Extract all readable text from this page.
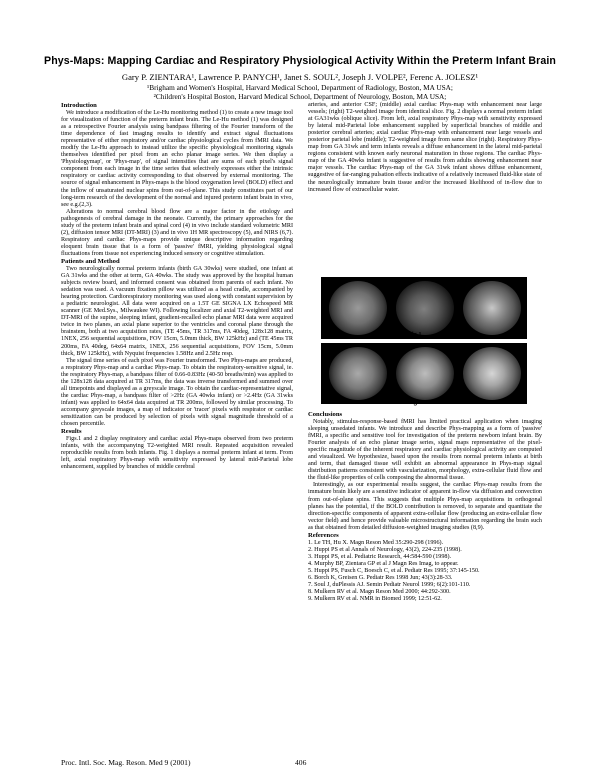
Phys-Maps: Mapping Cardiac and Respiratory Physiological Activity Within the Preterm Infant Brain
Gary P. ZIENTARA¹, Lawrence P. PANYCH¹, Janet S. SOUL², Joseph J. VOLPE², Ferenc A. JOLESZ¹
¹Brigham and Women's Hospital, Harvard Medical School, Department of Radiology, Boston, MA USA;
²Children's Hospital Boston, Harvard Medical School, Department of Neurology, Boston, MA USA;
Introduction

We introduce a modification of the Le-Hu monitoring method (1) to create a new image tool for visualization of function of the preterm infant brain. The Le-Hu method (1) was designed as a retrospective Fourier analysis using bandpass filtering of the Fourier transform of the time dependence of fast imaging results to identify and extract signal fluctuations representative of either respiratory and/or cardiac physiological cycles from fMRI data. We modify the Le-Hu approach to instead utilize the specific physiological monitoring signals themselves identified per pixel from an echo planar image series. We then display a 'Physiologymap', or 'Phys-map', of signal intensities that are sums of each pixel's signal component from each image in the time series that selectively expresses either the intrinsic respiratory or cardiac activity corresponding to that observed by external monitoring. The source of signal enhancement in Phys-maps is the blood oxygenation level (BOLD) effect and the inflow of unsaturated nuclear spins from out-of-plane. This study constitutes part of our long-term research of the development of the normal and injured preterm infant brain in vivo, see e.g.(2,3).

Alterations to normal cerebral blood flow are a major factor in the etiology and pathogenesis of cerebral damage in the neonate. Currently, the primary approaches for the study of the preterm infant brain and spinal cord (4) in vivo include standard volumetric MRI (2), diffusion tensor MRI (DT-MRI) (3) and in vivo 1H MR spectroscopy (5), and NIRS (6,7). Respiratory and cardiac Phys-maps provide unique descriptive information regarding eloquent brain tissue that is a form of 'passive' fMRI, yielding physiological signal fluctuations from tissue not experiencing induced sensory or cognitive stimulation.

Patients and Method

Two neurologically normal preterm infants (birth GA 30wks) were studied, one infant at GA 31wks and the other at term, GA 40wks. The study was approved by the hospital human subjects review board, and informed consent was obtained from parents of each infant. No sedation was used. A vacuum fixation pillow was utilized as a head cradle, accompanied by hearing protection. Cardiorespiratory monitoring was used along with constant supervision by a pediatric neurologist. All data were acquired on a 1.5T GE SIGNA LX Echospeed MR scanner (GE Med.Sys., Milwaukee WI). Following localizer and axial T2-weighted MRI and DT-MRI of the supine, sleeping infant, gradient-recalled echo planar MRI data were acquired twice in two planes, an axial plane superior to the ventricles and coronal plane through the brainstem, both at two acquisition rates, (TE 45ms, TR 317ms, FA 40deg, 128x128 matrix, 1NEX, 256 sequential acquisitions, FOV 15cm, 5.0mm thick, BW 125kHz) and (TE 45ms TR 200ms, FA 40deg, 64x64 matrix, 1NEX, 256 sequential acquisitions, FOV 15cm, 5.0mm thick, BW 125kHz), with Nyquist frequencies 1.58Hz and 2.5Hz resp.

The signal time series of each pixel was Fourier transformed. Two Phys-maps are produced, a respiratory Phys-map and a cardiac Phys-map. To obtain the respiratory-sensitive signal, ie. the respiratory Phys-map, a bandpass filter of 0.66-0.83Hz (40-50 breaths/min) was applied to the 128x128 data acquired at TR 317ms, the data was inverse transformed and summed over all timepoints and displayed as a greyscale image. To obtain the cardiac-representative signal, the cardiac Phys-map, a bandpass filter of >2Hz (GA 40wks infant) or >2.4Hz (GA 31wks infant) was applied to 64x64 data acquired at TR 200ms, followed by similar processing. To accompany greyscale images, a map of indicator or 'tracer' pixels with respirator or cardiac sensitization can be produced by selection of pixels with signal magnitude threshold of a chosen percentile.

Results

Figs.1 and 2 display respiratory and cardiac axial Phys-maps observed from two preterm infants, with the accompanying T2-weighted MRI result. Repeated acquisition revealed reproducible results from both infants. Fig. 1 displays a normal preterm infant at term. From left, axial respiratory Phys-map with sensitivity expressed by lateral mid-Parietal lobe enhancement, supplied by branches of middle cerebral

arteries, and anterior CSF; (middle) axial cardiac Phys-map with enhancement near large vessels; (right) T2-weighted image from identical slice. Fig. 2 displays a normal preterm infant at GA31wks (oblique slice). From left, axial respiratory Phys-map with sensitivity expressed by lateral mid-Parietal lobe enhancement supplied by superficial branches of middle and posterior cerebral arteries; axial cardiac Phys-map with enhancement near large vessels and posterior parietal lobe (middle); T2-weighted image from same slice (right). Respiratory Phys-map from GA 31wk and term infants reveals a diffuse enhancement in the lateral mid-parietal regions consistent with known early neuronal maturation in those regions. The cardiac Phys-map of the GA 40wks infant is suggestive of results from adults showing enhancement near major vessels. The cardiac Phys-map of the GA 31wk infant shows diffuse enhancement, suggestive of far-ranging pulsation effects indicative of a relatively increased fluid-like state of the neurologically immature brain tissue and/or the increased likelihood of in-flow due to increased flow of extracellular water.

Fig.1
Fig.2
Conclusions

Notably, stimulus-response-based fMRI has limited practical application when imaging sleeping unsedated infants. We introduce and describe Phys-mapping as a form of 'passive' fMRI, a specific and sensitive tool for investigation of the preterm newborn infant brain. By Fourier analysis of an echo planar image series, signal maps representative of the pixel-specific magnitude of the inherent respiratory and cardiac physiological activity are computed and visualized. We hypothesize, based upon the results from normal preterm infants at birth and term, that damaged tissue will exhibit an abnormal appearance in Phys-map signal distribution patterns consistent with vascularization, morphology, extra-cellular fluid flow and the fluid-like properties of cells composing the abnormal tissue.

Interestingly, as our experimental results suggest, the cardiac Phys-map results from the immature brain likely are a sensitive indicator of apparent in-flow via diffusion and convection from out-of-plane spins. This suggests that multiple Phys-map acquisitions in orthogonal planes has the potential, if the BOLD contribution is removed, to separate and quantitate the direction-specific components of apparent extra-cellular flow (producing an extra-cellular flow vector field) and hence provide valuable microstructural information regarding the brain such as that obtained from detailed diffusion-weighted imaging studies (8,9).

References

1. Le TH, Hu X. Magn Reson Med 35:290-298 (1996).

2. Huppi PS et al Annals of Neurology, 43(2), 224-235 (1998).

3. Huppi PS, et al. Pediatric Research, 44:584-590 (1998).

4. Murphy BP, Zientara GP et al J Magn Res Imag, to appear.

5. Huppi PS, Fusch C, Boesch C, et al. Pediatr Res 1995; 37:145-150.

6. Borch K, Greisen G. Pediatr Res 1998 Jun; 43(3):28-33.

7. Soul J, duPlessis AJ. Semin Pediatr Neurol 1999; 6(2):101-110.

8. Mulkern RV et al. Magn Reson Med 2000; 44:292-300.

9. Mulkern RV et al. NMR in Biomed 1999; 12:51-62.

Proc. Intl. Soc. Mag. Reson. Med 9 (2001)	406
